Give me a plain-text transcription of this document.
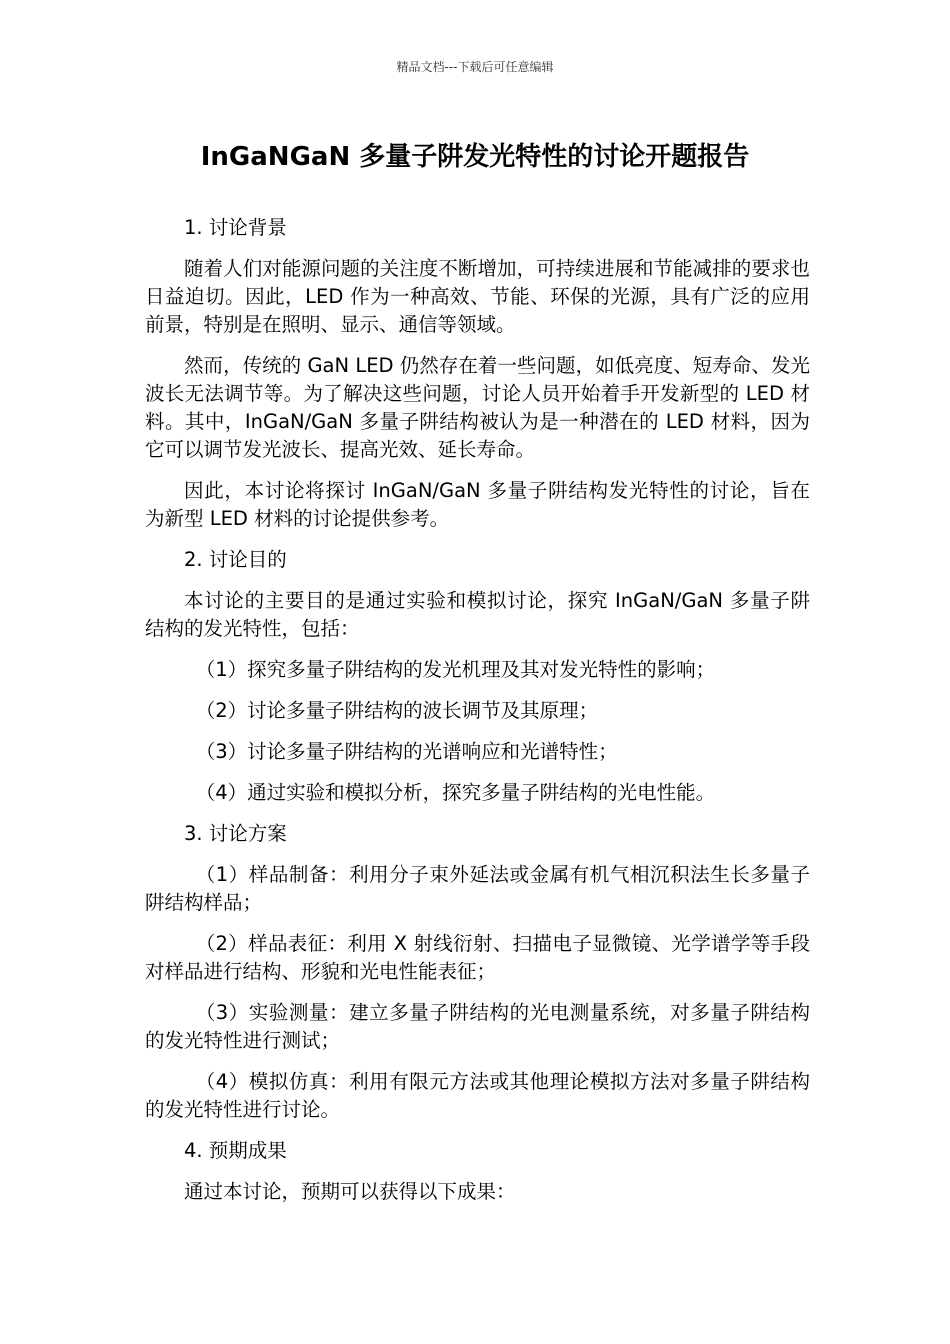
精品文档---下载后可任意编辑
InGaNGaN 多量子阱发光特性的讨论开题报告

1. 讨论背景

随着人们对能源问题的关注度不断增加，可持续进展和节能减排的要求也日益迫切。因此，LED 作为一种高效、节能、环保的光源，具有广泛的应用前景，特别是在照明、显示、通信等领域。

然而，传统的 GaN LED 仍然存在着一些问题，如低亮度、短寿命、发光波长无法调节等。为了解决这些问题，讨论人员开始着手开发新型的 LED 材料。其中，InGaN/GaN 多量子阱结构被认为是一种潜在的 LED 材料，因为它可以调节发光波长、提高光效、延长寿命。

因此，本讨论将探讨 InGaN/GaN 多量子阱结构发光特性的讨论，旨在为新型 LED 材料的讨论提供参考。

2. 讨论目的

本讨论的主要目的是通过实验和模拟讨论，探究 InGaN/GaN 多量子阱结构的发光特性，包括：

（1）探究多量子阱结构的发光机理及其对发光特性的影响；

（2）讨论多量子阱结构的波长调节及其原理；

（3）讨论多量子阱结构的光谱响应和光谱特性；

（4）通过实验和模拟分析，探究多量子阱结构的光电性能。

3. 讨论方案

（1）样品制备：利用分子束外延法或金属有机气相沉积法生长多量子阱结构样品；

（2）样品表征：利用 X 射线衍射、扫描电子显微镜、光学谱学等手段对样品进行结构、形貌和光电性能表征；

（3）实验测量：建立多量子阱结构的光电测量系统，对多量子阱结构的发光特性进行测试；

（4）模拟仿真：利用有限元方法或其他理论模拟方法对多量子阱结构的发光特性进行讨论。

4. 预期成果

通过本讨论，预期可以获得以下成果：
